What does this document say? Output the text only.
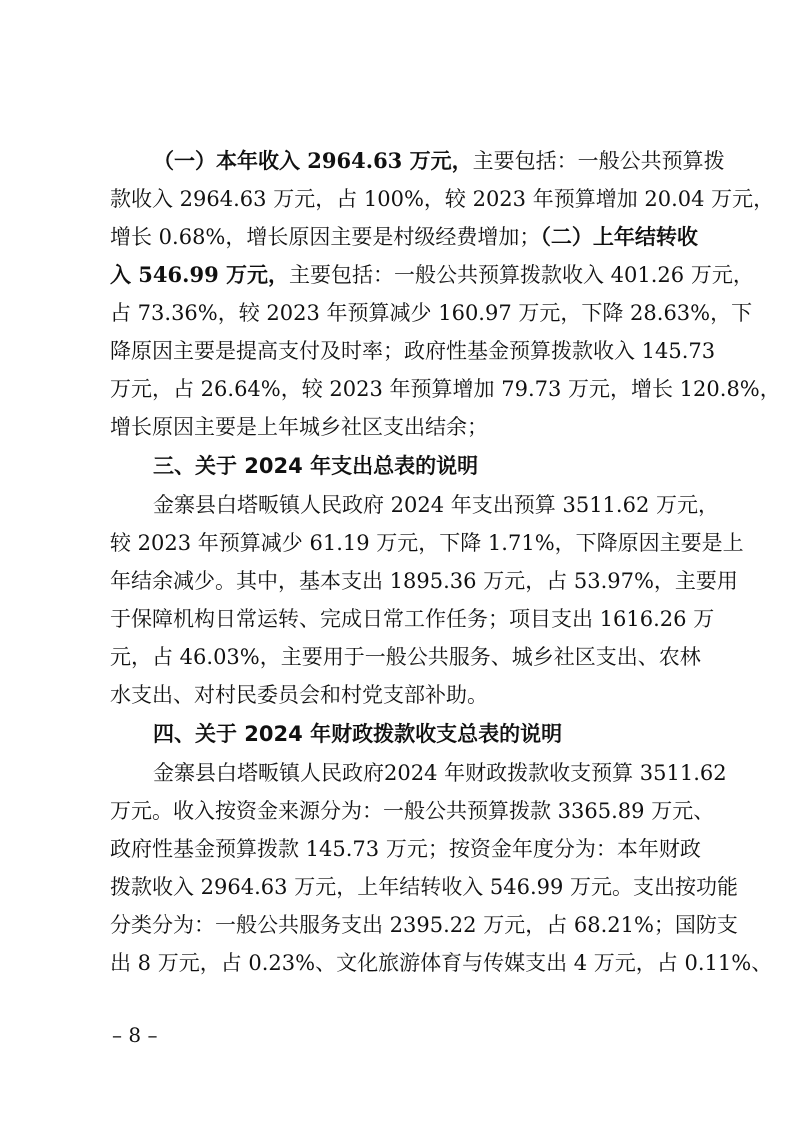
（一）本年收入 2964.63 万元，主要包括：一般公共预算拨
款收入 2964.63 万元，占 100%，较 2023 年预算增加 20.04 万元，
增长 0.68%，增长原因主要是村级经费增加；（二）上年结转收
入 546.99 万元，主要包括：一般公共预算拨款收入 401.26 万元，
占 73.36%，较 2023 年预算减少 160.97 万元，下降 28.63%，下
降原因主要是提高支付及时率；政府性基金预算拨款收入 145.73
万元，占 26.64%，较 2023 年预算增加 79.73 万元，增长 120.8%，
增长原因主要是上年城乡社区支出结余；
三、关于 2024 年支出总表的说明
金寨县白塔畈镇人民政府 2024 年支出预算 3511.62 万元，
较 2023 年预算减少 61.19 万元，下降 1.71%，下降原因主要是上
年结余减少。其中，基本支出 1895.36 万元，占 53.97%，主要用
于保障机构日常运转、完成日常工作任务；项目支出 1616.26 万
元，占 46.03%，主要用于一般公共服务、城乡社区支出、农林
水支出、对村民委员会和村党支部补助。
四、关于 2024 年财政拨款收支总表的说明
金寨县白塔畈镇人民政府2024 年财政拨款收支预算 3511.62
万元。收入按资金来源分为：一般公共预算拨款 3365.89 万元、
政府性基金预算拨款 145.73 万元；按资金年度分为：本年财政
拨款收入 2964.63 万元，上年结转收入 546.99 万元。支出按功能
分类分为：一般公共服务支出 2395.22 万元，占 68.21%；国防支
出 8 万元，占 0.23%、文化旅游体育与传媒支出 4 万元，占 0.11%、
– 8 –
